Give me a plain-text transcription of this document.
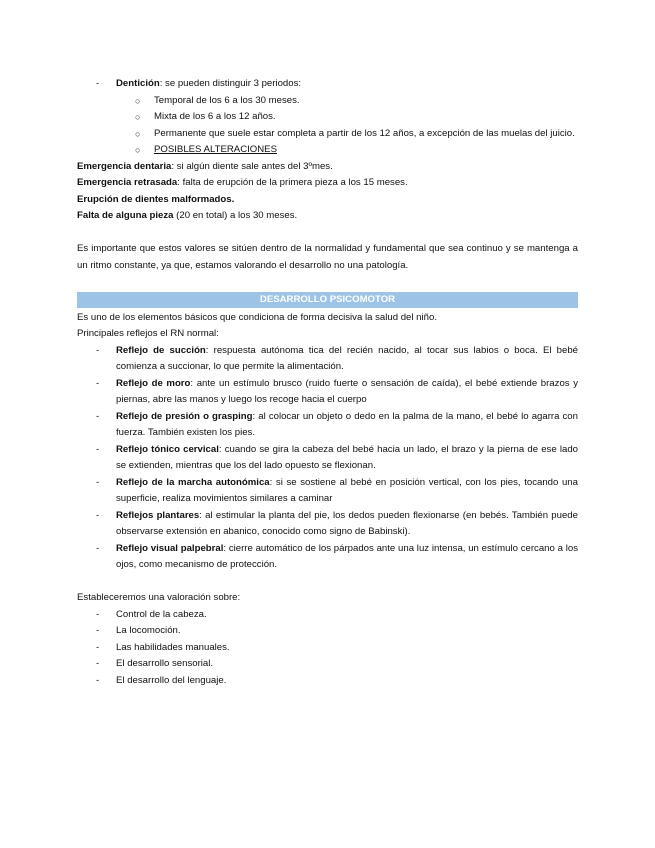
- Dentición: se pueden distinguir 3 periodos:
○ Temporal de los 6 a los 30 meses.
○ Mixta de los 6 a los 12 años.
○ Permanente que suele estar completa a partir de los 12 años, a excepción de las muelas del juicio.
○ POSIBLES ALTERACIONES
Emergencia dentaria: si algún diente sale antes del 3ºmes.
Emergencia retrasada: falta de erupción de la primera pieza a los 15 meses.
Erupción de dientes malformados.
Falta de alguna pieza (20 en total) a los 30 meses.
Es importante que estos valores se sitúen dentro de la normalidad y fundamental que sea continuo y se mantenga a un ritmo constante, ya que, estamos valorando el desarrollo no una patología.
DESARROLLO PSICOMOTOR
Es uno de los elementos básicos que condiciona de forma decisiva la salud del niño.
Principales reflejos el RN normal:
- Reflejo de succión: respuesta autónoma tica del recién nacido, al tocar sus labios o boca. El bebé comienza a succionar, lo que permite la alimentación.
- Reflejo de moro: ante un estímulo brusco (ruido fuerte o sensación de caída), el bebé extiende brazos y piernas, abre las manos y luego los recoge hacia el cuerpo
- Reflejo de presión o grasping: al colocar un objeto o dedo en la palma de la mano, el bebé lo agarra con fuerza. También existen los pies.
- Reflejo tónico cervical: cuando se gira la cabeza del bebé hacia un lado, el brazo y la pierna de ese lado se extienden, mientras que los del lado opuesto se flexionan.
- Reflejo de la marcha autonómica: si se sostiene al bebé en posición vertical, con los pies, tocando una superficie, realiza movimientos similares a caminar
- Reflejos plantares: al estimular la planta del pie, los dedos pueden flexionarse (en bebés. También puede observarse extensión en abanico, conocido como signo de Babinski).
- Reflejo visual palpebral: cierre automático de los párpados ante una luz intensa, un estímulo cercano a los ojos, como mecanismo de protección.
Estableceremos una valoración sobre:
- Control de la cabeza.
- La locomoción.
- Las habilidades manuales.
- El desarrollo sensorial.
- El desarrollo del lenguaje.
